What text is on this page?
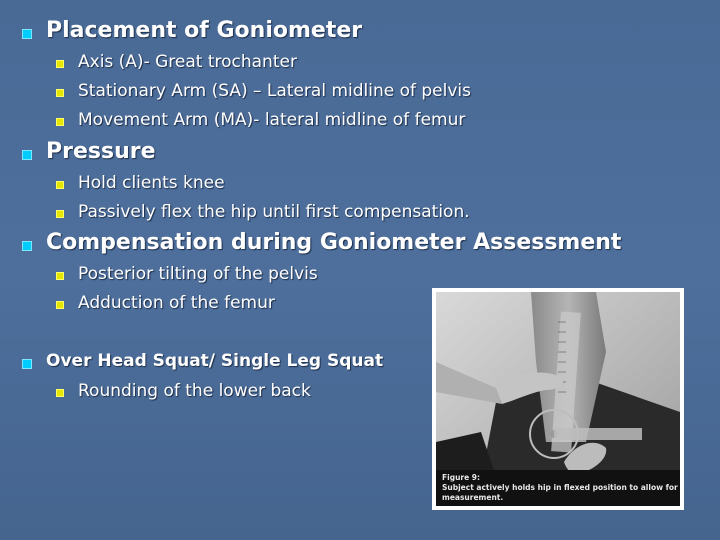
Placement of Goniometer
Axis (A)- Great trochanter
Stationary Arm (SA) – Lateral midline of pelvis
Movement Arm (MA)- lateral midline of femur
Pressure
Hold clients knee
Passively flex the hip until first compensation.
Compensation during Goniometer Assessment
Posterior tilting of the pelvis
Adduction of the femur
Over Head Squat/ Single Leg Squat
Rounding of the lower back
Figure 9:
Subject actively holds hip in flexed position to allow for
measurement.
